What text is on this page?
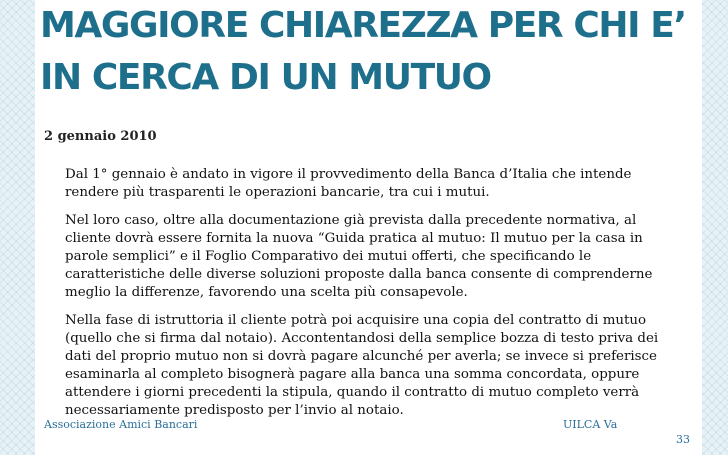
MAGGIORE CHIAREZZA PER CHI E’
IN CERCA DI UN MUTUO
2 gennaio 2010

Dal 1° gennaio è andato in vigore il provvedimento della Banca d’Italia che intende
rendere più trasparenti le operazioni bancarie, tra cui i mutui.

Nel loro caso, oltre alla documentazione già prevista dalla precedente normativa, al
cliente dovrà essere fornita la nuova “Guida pratica al mutuo: Il mutuo per la casa in
parole semplici” e il Foglio Comparativo dei mutui offerti, che specificando le
caratteristiche delle diverse soluzioni proposte dalla banca consente di comprenderne
meglio la differenze, favorendo una scelta più consapevole.

Nella fase di istruttoria il cliente potrà poi acquisire una copia del contratto di mutuo
(quello che si firma dal notaio). Accontentandosi della semplice bozza di testo priva dei
dati del proprio mutuo non si dovrà pagare alcunché per averla; se invece si preferisce
esaminarla al completo bisognerà pagare alla banca una somma concordata, oppure
attendere i giorni precedenti la stipula, quando il contratto di mutuo completo verrà
necessariamente predisposto per l’invio al notaio.

Associazione Amici Bancari	UILCA Va
33
